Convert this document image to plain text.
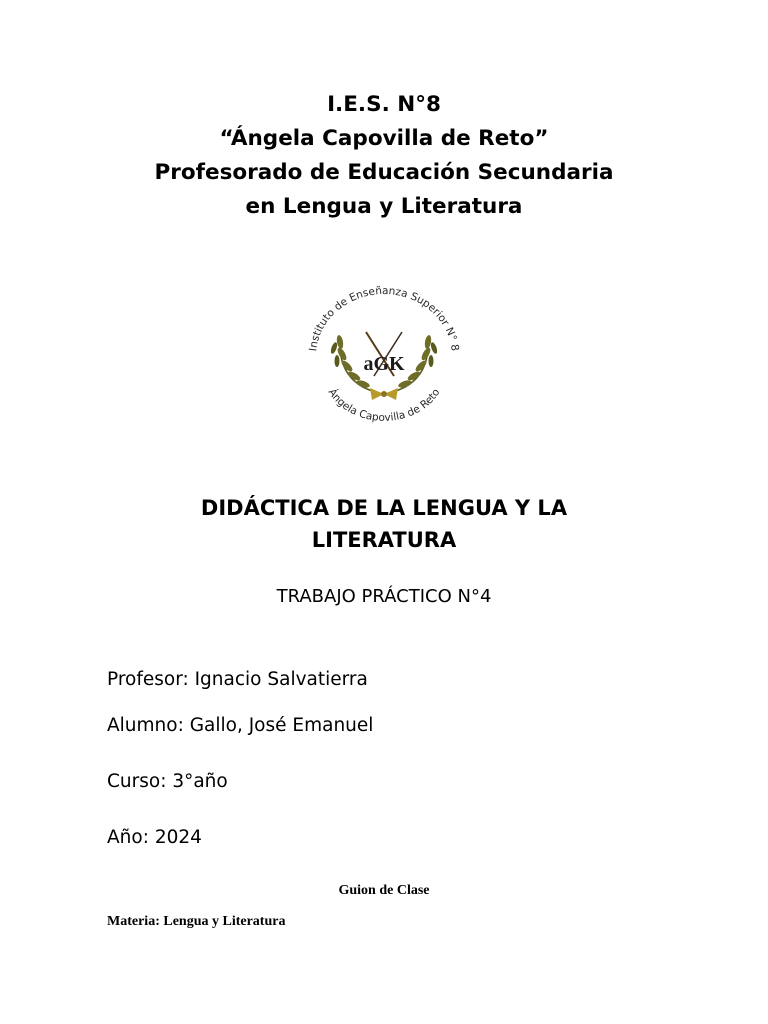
I.E.S. N°8
“Ángela Capovilla de Reto”
Profesorado de Educación Secundaria
en Lengua y Literatura
Instituto de Enseñanza Superior N° 8
Ángela Capovilla de Reto
aGK
DIDÁCTICA DE LA LENGUA Y LA
LITERATURA
TRABAJO PRÁCTICO N°4
Profesor: Ignacio Salvatierra
Alumno: Gallo, José Emanuel
Curso: 3°año
Año: 2024
Guion de Clase
Materia: Lengua y Literatura
